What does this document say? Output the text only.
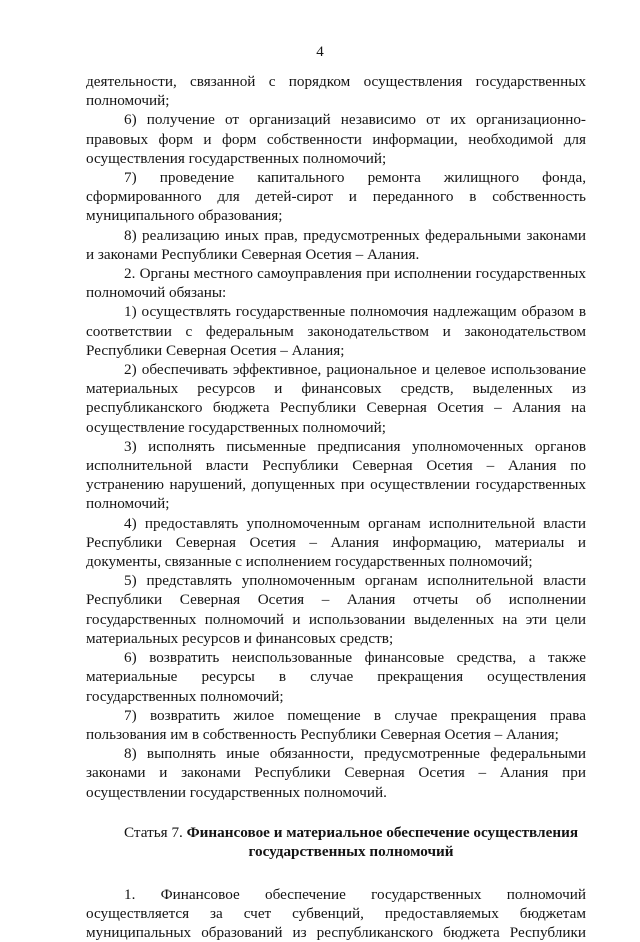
4

деятельности, связанной с порядком осуществления государственных полномочий;

6) получение от организаций независимо от их организационно-правовых форм и форм собственности информации, необходимой для осуществления государственных полномочий;

7) проведение капитального ремонта жилищного фонда, сформированного для детей-сирот и переданного в собственность муниципального образования;

8) реализацию иных прав, предусмотренных федеральными законами и законами Республики Северная Осетия – Алания.

2. Органы местного самоуправления при исполнении государственных полномочий обязаны:

1) осуществлять государственные полномочия надлежащим образом в соответствии с федеральным законодательством и законодательством Республики Северная Осетия – Алания;

2) обеспечивать эффективное, рациональное и целевое использование материальных ресурсов и финансовых средств, выделенных из республиканского бюджета Республики Северная Осетия – Алания на осуществление государственных полномочий;

3) исполнять письменные предписания уполномоченных органов исполнительной власти Республики Северная Осетия – Алания по устранению нарушений, допущенных при осуществлении государственных полномочий;

4) предоставлять уполномоченным органам исполнительной власти Республики Северная Осетия – Алания информацию, материалы и документы, связанные с исполнением государственных полномочий;

5) представлять уполномоченным органам исполнительной власти Республики Северная Осетия – Алания отчеты об исполнении государственных полномочий и использовании выделенных на эти цели материальных ресурсов и финансовых средств;

6) возвратить неиспользованные финансовые средства, а также материальные ресурсы в случае прекращения осуществления государственных полномочий;

7) возвратить жилое помещение в случае прекращения права пользования им в собственность Республики Северная Осетия – Алания;

8) выполнять иные обязанности, предусмотренные федеральными законами и законами Республики Северная Осетия – Алания при осуществлении государственных полномочий.

Статья 7. Финансовое и материальное обеспечение осуществления
государственных полномочий

1. Финансовое обеспечение государственных полномочий осуществляется за счет субвенций, предоставляемых бюджетам муниципальных образований из республиканского бюджета Республики
